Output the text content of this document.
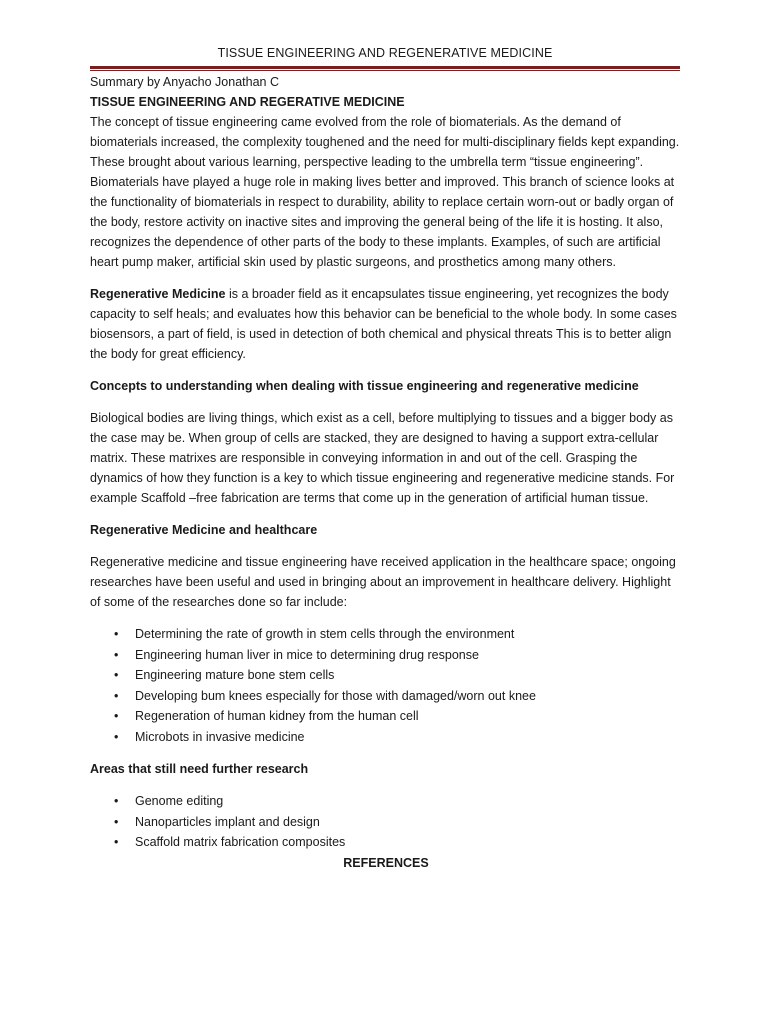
TISSUE ENGINEERING AND REGENERATIVE MEDICINE

Summary by Anyacho Jonathan C

TISSUE ENGINEERING AND REGERATIVE MEDICINE

The concept of tissue engineering came evolved from the role of biomaterials. As the demand of biomaterials increased, the complexity toughened and the need for multi-disciplinary fields kept expanding. These brought about various learning, perspective leading to the umbrella term “tissue engineering”. Biomaterials have played a huge role in making lives better and improved. This branch of science looks at the functionality of biomaterials in respect to durability, ability to replace certain worn-out or badly organ of the body, restore activity on inactive sites and improving the general being of the life it is hosting. It also, recognizes the dependence of other parts of the body to these implants. Examples, of such are artificial heart pump maker, artificial skin used by plastic surgeons, and prosthetics among many others.

Regenerative Medicine is a broader field as it encapsulates tissue engineering, yet recognizes the body capacity to self heals; and evaluates how this behavior can be beneficial to the whole body. In some cases biosensors, a part of field, is used in detection of both chemical and physical threats This is to better align the body for great efficiency.

Concepts to understanding when dealing with tissue engineering and regenerative medicine

Biological bodies are living things, which exist as a cell, before multiplying to tissues and a bigger body as the case may be. When group of cells are stacked, they are designed to having a support extra-cellular matrix. These matrixes are responsible in conveying information in and out of the cell. Grasping the dynamics of how they function is a key to which tissue engineering and regenerative medicine stands. For example Scaffold –free fabrication are terms that come up in the generation of artificial human tissue.

Regenerative Medicine and healthcare

Regenerative medicine and tissue engineering have received application in the healthcare space; ongoing researches have been useful and used in bringing about an improvement in healthcare delivery. Highlight of some of the researches done so far include:

• Determining the rate of growth in stem cells through the environment
• Engineering human liver in mice to determining drug response
• Engineering mature bone stem cells
• Developing bum knees especially for those with damaged/worn out knee
• Regeneration of human kidney from the human cell
• Microbots in invasive medicine

Areas that still need further research

• Genome editing
• Nanoparticles implant and design
• Scaffold matrix fabrication composites

REFERENCES
